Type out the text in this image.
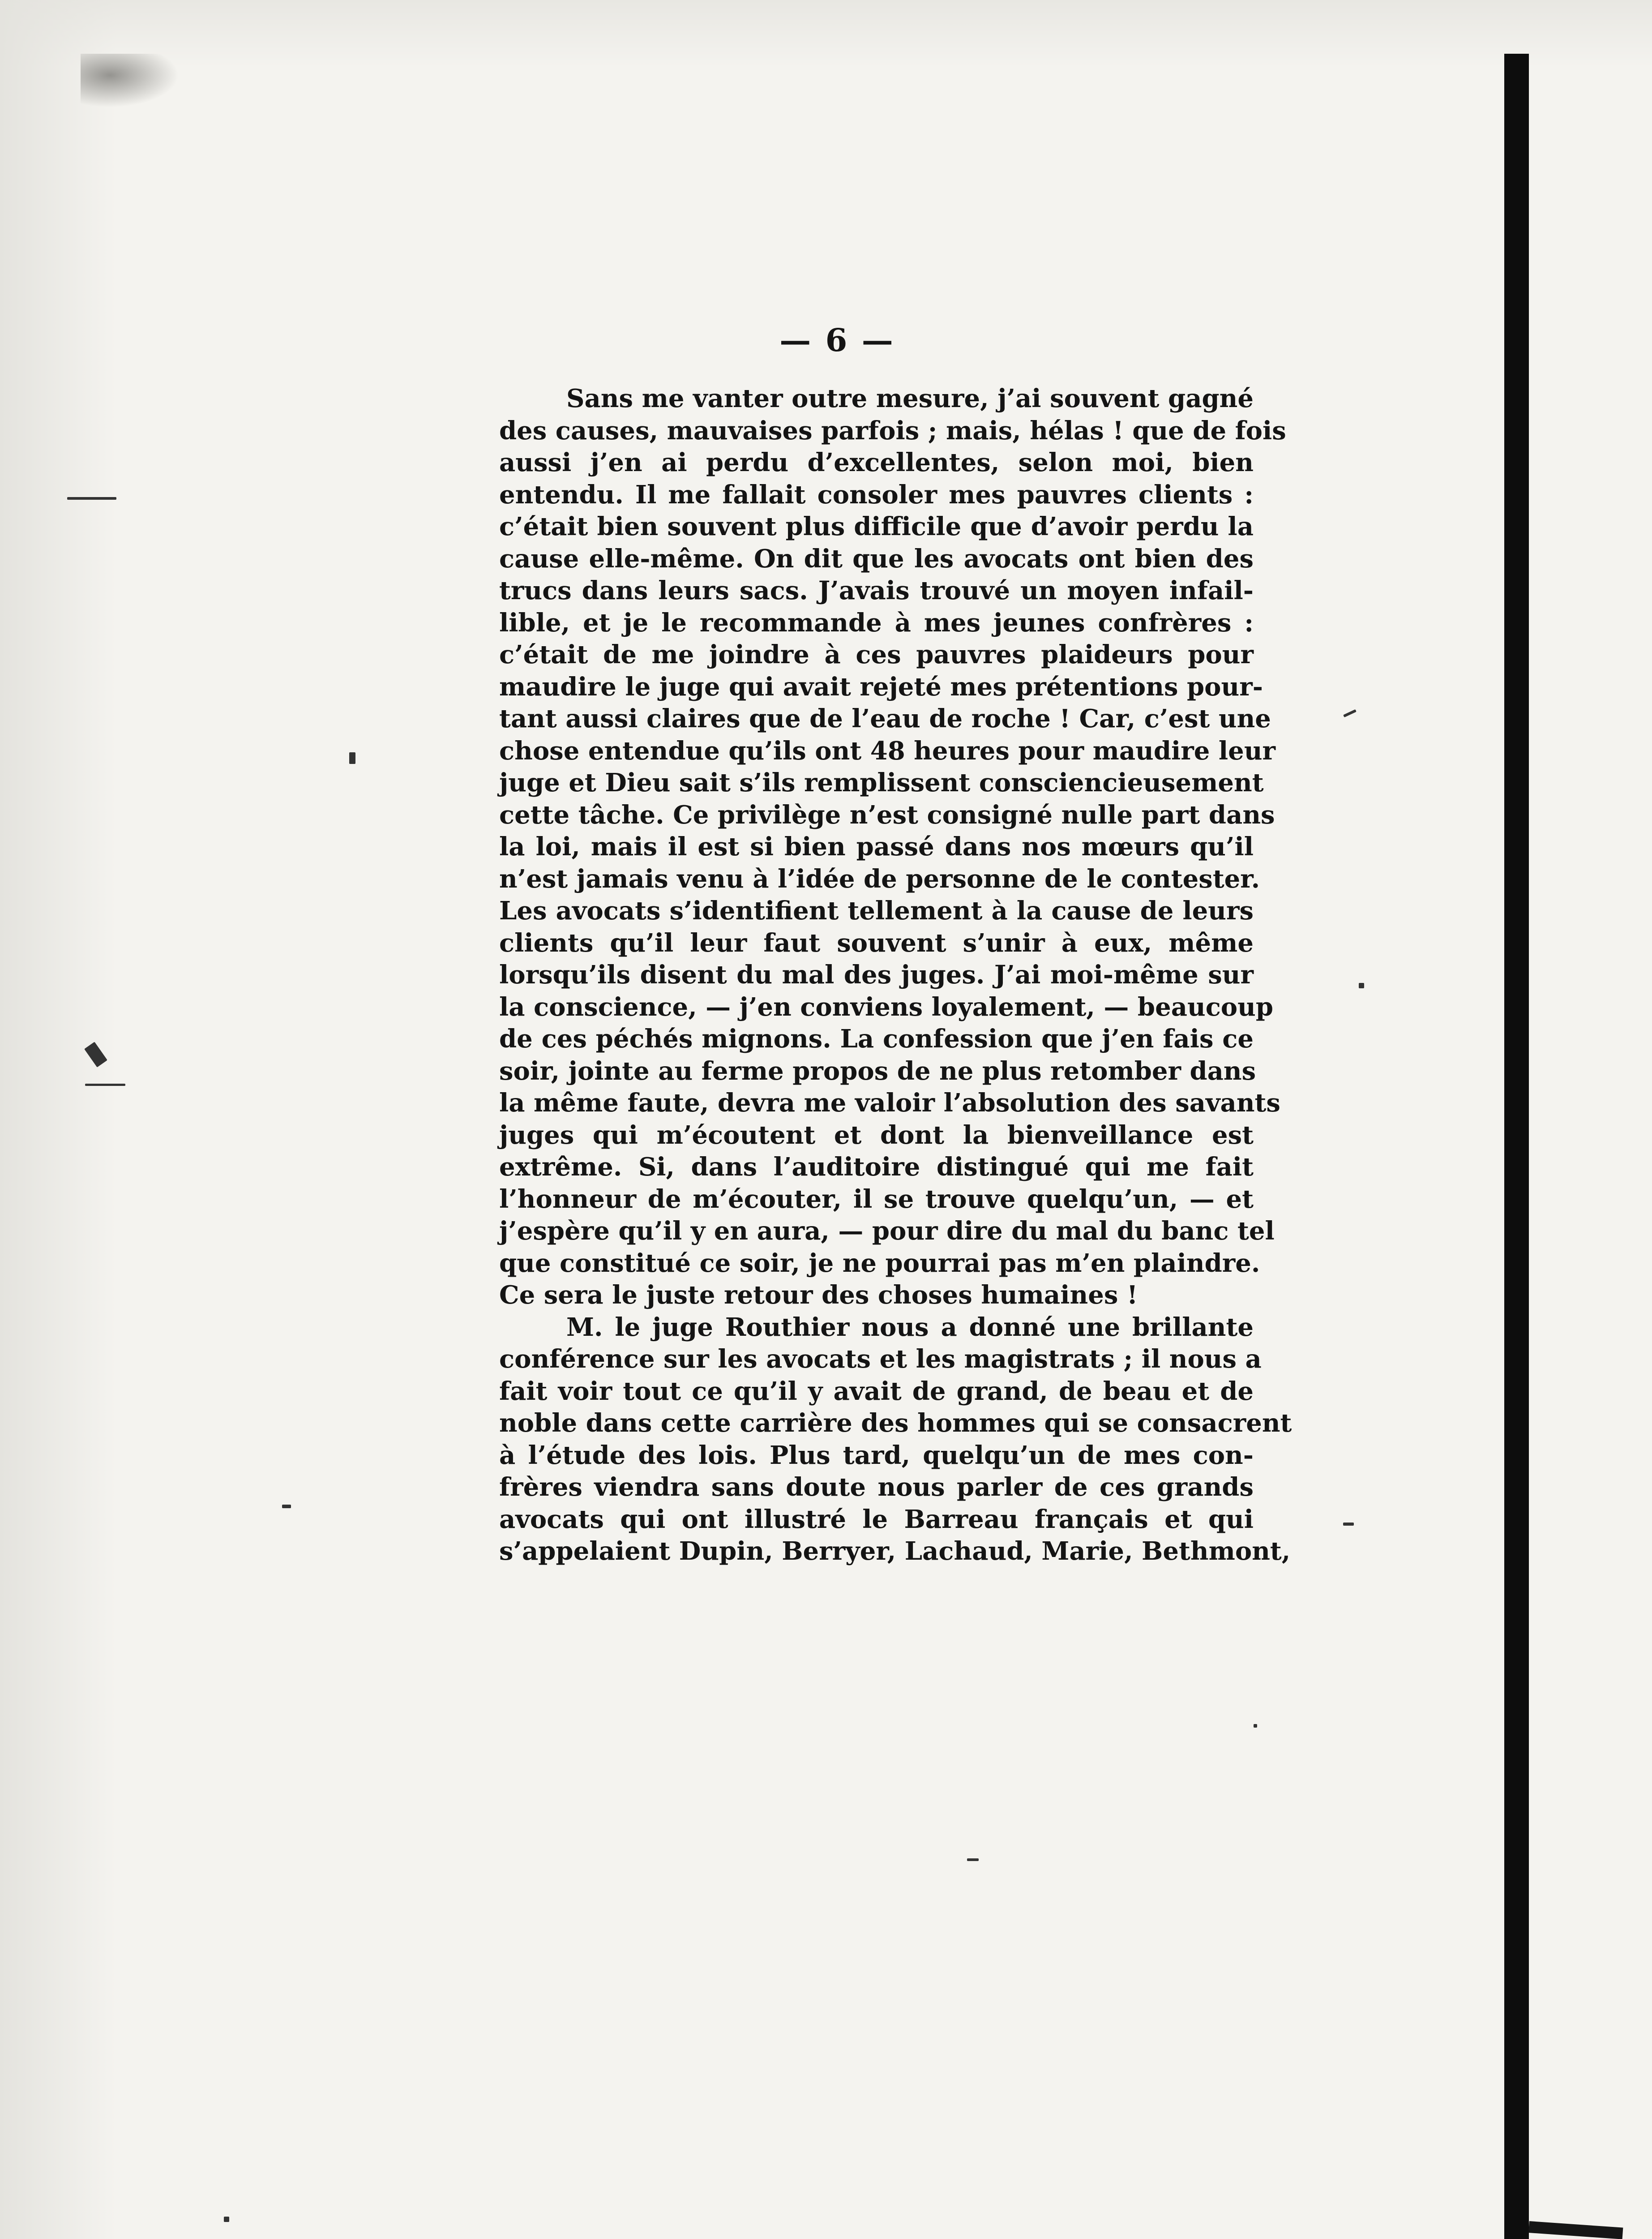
— 6 —
Sans me vanter outre mesure, j’ai souvent gagné
des causes, mauvaises parfois ; mais, hélas ! que de fois
aussi j’en ai perdu d’excellentes, selon moi, bien
entendu. Il me fallait consoler mes pauvres clients :
c’était bien souvent plus difficile que d’avoir perdu la
cause elle-même. On dit que les avocats ont bien des
trucs dans leurs sacs. J’avais trouvé un moyen infail-
lible, et je le recommande à mes jeunes confrères :
c’était de me joindre à ces pauvres plaideurs pour
maudire le juge qui avait rejeté mes prétentions pour-
tant aussi claires que de l’eau de roche ! Car, c’est une
chose entendue qu’ils ont 48 heures pour maudire leur
juge et Dieu sait s’ils remplissent consciencieusement
cette tâche. Ce privilège n’est consigné nulle part dans
la loi, mais il est si bien passé dans nos mœurs qu’il
n’est jamais venu à l’idée de personne de le contester.
Les avocats s’identifient tellement à la cause de leurs
clients qu’il leur faut souvent s’unir à eux, même
lorsqu’ils disent du mal des juges. J’ai moi-même sur
la conscience, — j’en conviens loyalement, — beaucoup
de ces péchés mignons. La confession que j’en fais ce
soir, jointe au ferme propos de ne plus retomber dans
la même faute, devra me valoir l’absolution des savants
juges qui m’écoutent et dont la bienveillance est
extrême. Si, dans l’auditoire distingué qui me fait
l’honneur de m’écouter, il se trouve quelqu’un, — et
j’espère qu’il y en aura, — pour dire du mal du banc tel
que constitué ce soir, je ne pourrai pas m’en plaindre.
Ce sera le juste retour des choses humaines !
M. le juge Routhier nous a donné une brillante
conférence sur les avocats et les magistrats ; il nous a
fait voir tout ce qu’il y avait de grand, de beau et de
noble dans cette carrière des hommes qui se consacrent
à l’étude des lois. Plus tard, quelqu’un de mes con-
frères viendra sans doute nous parler de ces grands
avocats qui ont illustré le Barreau français et qui
s’appelaient Dupin, Berryer, Lachaud, Marie, Bethmont,
